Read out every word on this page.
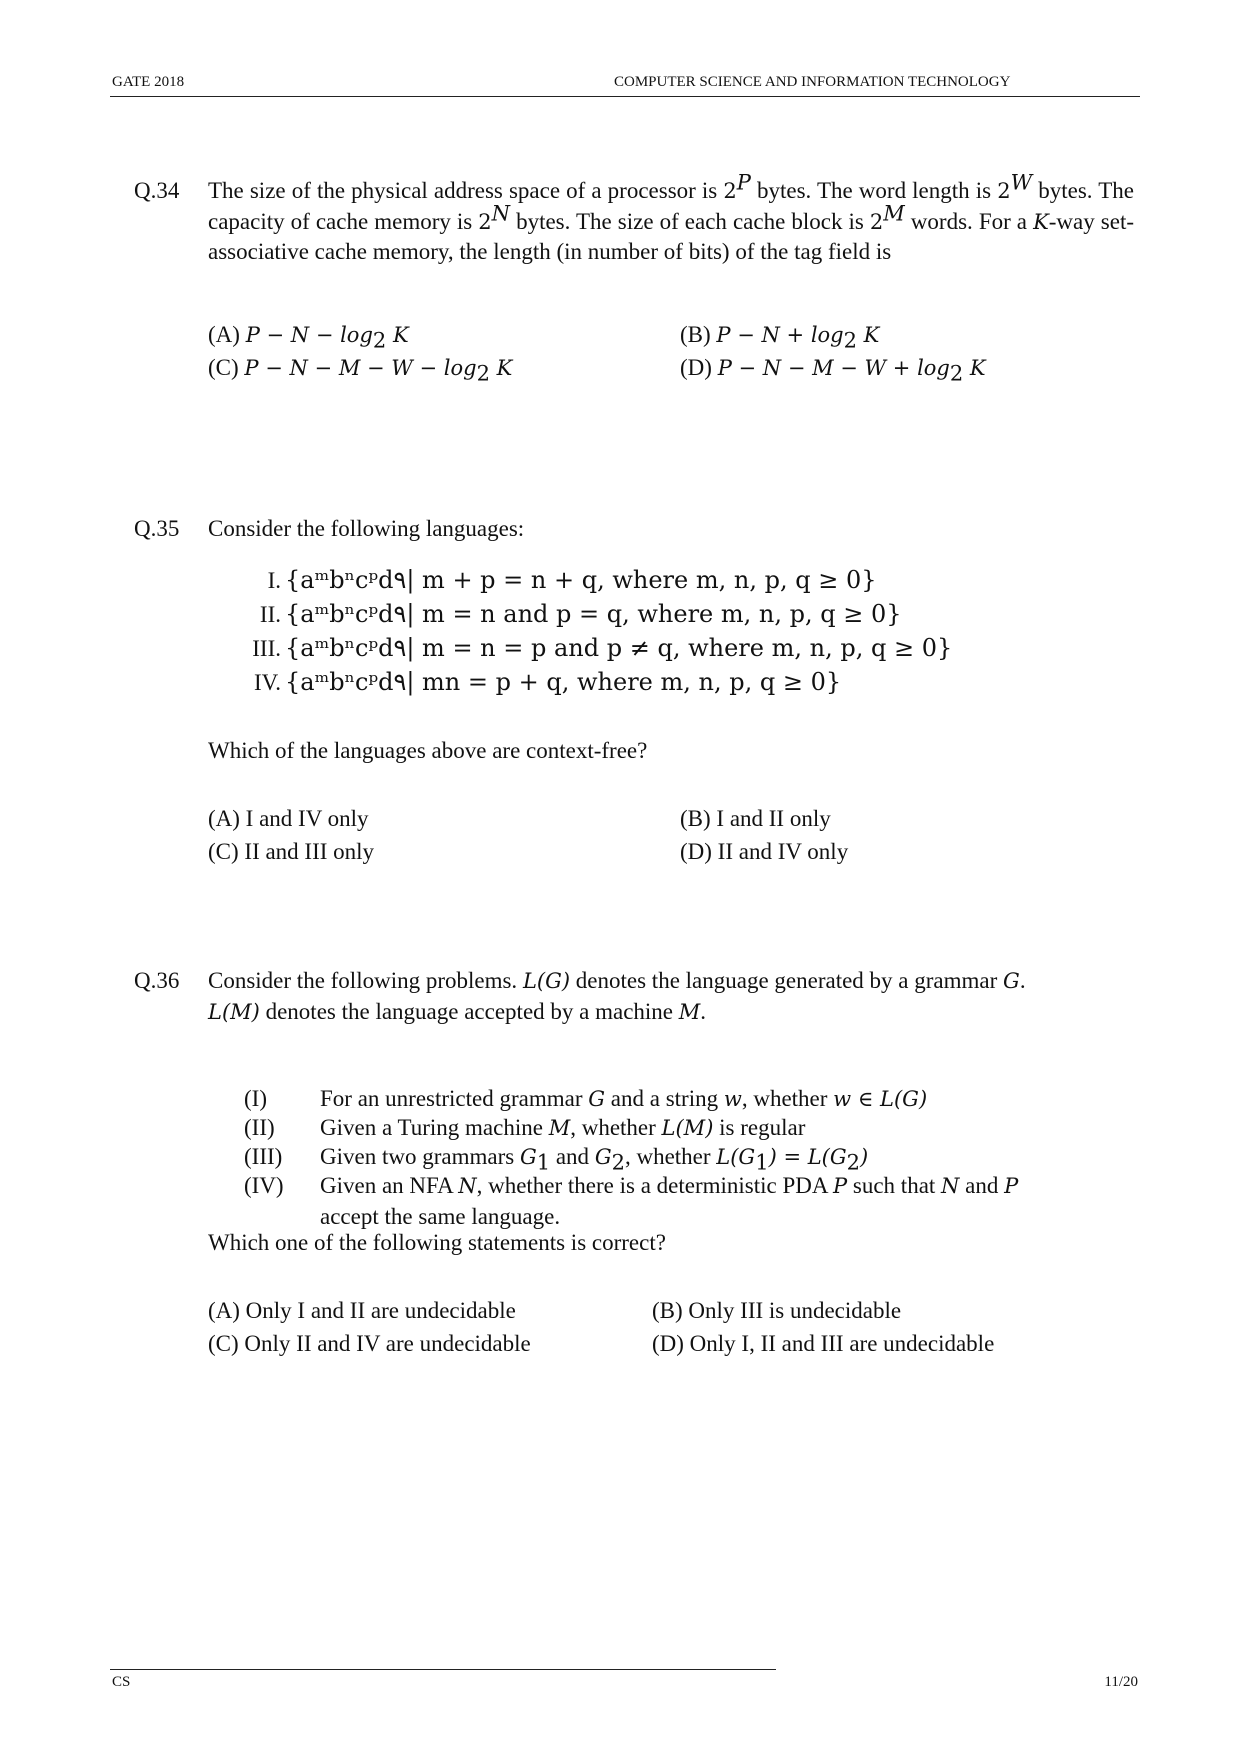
GATE 2018	COMPUTER SCIENCE AND INFORMATION TECHNOLOGY
Q.34	The size of the physical address space of a processor is $2^P$ bytes. The word length is $2^W$ bytes. The capacity of cache memory is $2^N$ bytes. The size of each cache block is $2^M$ words. For a K-way set-associative cache memory, the length (in number of bits) of the tag field is
(A) $P - N - \log_2 K$	(B) $P - N + \log_2 K$
(C) $P - N - M - W - \log_2 K$	(D) $P - N - M - W + \log_2 K$
Q.35	Consider the following languages:
I. {aᵐbⁿcᵖd۹| m + p = n + q, where m, n, p, q ≥ 0}
II. {aᵐbⁿcᵖd۹| m = n and p = q, where m, n, p, q ≥ 0}
III. {aᵐbⁿcᵖd۹| m = n = p and p ≠ q, where m, n, p, q ≥ 0}
IV. {aᵐbⁿcᵖd۹| mn = p + q, where m, n, p, q ≥ 0}
Which of the languages above are context-free?
(A) I and IV only	(B) I and II only
(C) II and III only	(D) II and IV only
Q.36	Consider the following problems. L(G) denotes the language generated by a grammar G.
L(M) denotes the language accepted by a machine M.
(I)	For an unrestricted grammar G and a string w, whether w ∈ L(G)
(II)	Given a Turing machine M, whether L(M) is regular
(III)	Given two grammars $G_1$ and $G_2$, whether $L(G_1) = L(G_2)$
(IV)	Given an NFA N, whether there is a deterministic PDA P such that N and P
accept the same language.
Which one of the following statements is correct?
(A) Only I and II are undecidable	(B) Only III is undecidable
(C) Only II and IV are undecidable	(D) Only I, II and III are undecidable
CS	11/20
